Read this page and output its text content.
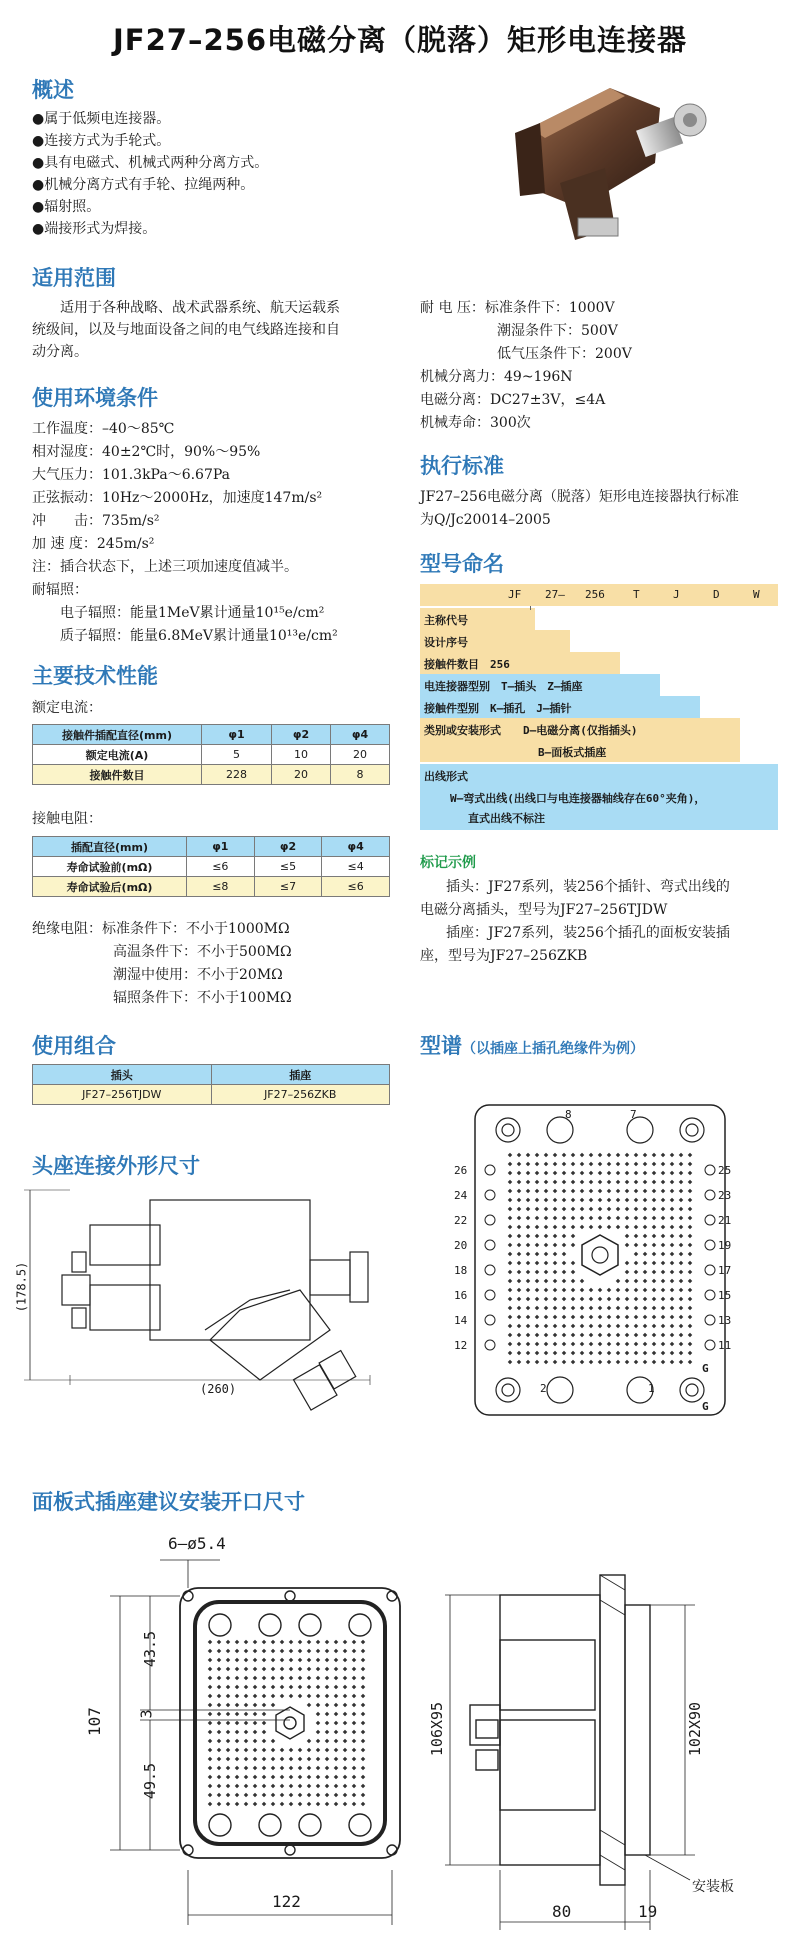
JF27–256电磁分离（脱落）矩形电连接器
概述
●属于低频电连接器。
●连接方式为手轮式。
●具有电磁式、机械式两种分离方式。
●机械分离方式有手轮、拉绳两种。
●辐射照。
●端接形式为焊接。
适用范围
适用于各种战略、战术武器系统、航天运载系
统级间，以及与地面设备之间的电气线路连接和自
动分离。
使用环境条件
工作温度：–40～85℃
相对湿度：40±2℃时，90%～95%
大气压力：101.3kPa～6.67Pa
正弦振动：10Hz～2000Hz，加速度147m/s²
冲　　击：735m/s²
加 速 度：245m/s²
注：插合状态下，上述三项加速度值减半。
耐辐照：
电子辐照：能量1MeV累计通量10¹⁵e/cm²
质子辐照：能量6.8MeV累计通量10¹³e/cm²
主要技术性能
额定电流：
接触件插配直径(mm)	φ1	φ2	φ4
额定电流(A)	5	10	20
接触件数目	228	20	8
接触电阻：
插配直径(mm)	φ1	φ2	φ4
寿命试验前(mΩ)	≤6	≤5	≤4
寿命试验后(mΩ)	≤8	≤7	≤6
绝缘电阻：标准条件下：不小于1000MΩ
高温条件下：不小于500MΩ
潮湿中使用：不小于20MΩ
辐照条件下：不小于100MΩ
使用组合
插头	插座
JF27–256TJDW	JF27–256ZKB
头座连接外形尺寸
(178.5)
(260)
耐 电 压：标准条件下：1000V
潮湿条件下：500V
低气压条件下：200V
机械分离力：49~196N
电磁分离：DC27±3V，≤4A
机械寿命：300次
执行标准
JF27–256电磁分离（脱落）矩形电连接器执行标准
为Q/Jc20014–2005
型号命名
JF 27– 256	T	J	D	W
主称代号
设计序号
接触件数目　256
电连接器型别　T–插头　Z–插座
接触件型别　K–插孔　J–插针
类别或安装形式　　D–电磁分离(仅指插头)
B–面板式插座
出线形式
W–弯式出线(出线口与电连接器轴线存在60°夹角)，
直式出线不标注
标记示例
插头：JF27系列，装256个插针、弯式出线的
电磁分离插头，型号为JF27–256TJDW
插座：JF27系列，装256个插孔的面板安装插
座，型号为JF27–256ZKB
型谱（以插座上插孔绝缘件为例）
26
24
22
20
18
16
14
12
25
23
21
19
17
15
13
11
8	7
2	1
G
G
面板式插座建议安装开口尺寸
6–ø5.4
43.5
3
49.5
107
122
106X95	102X90
80	19
安装板
